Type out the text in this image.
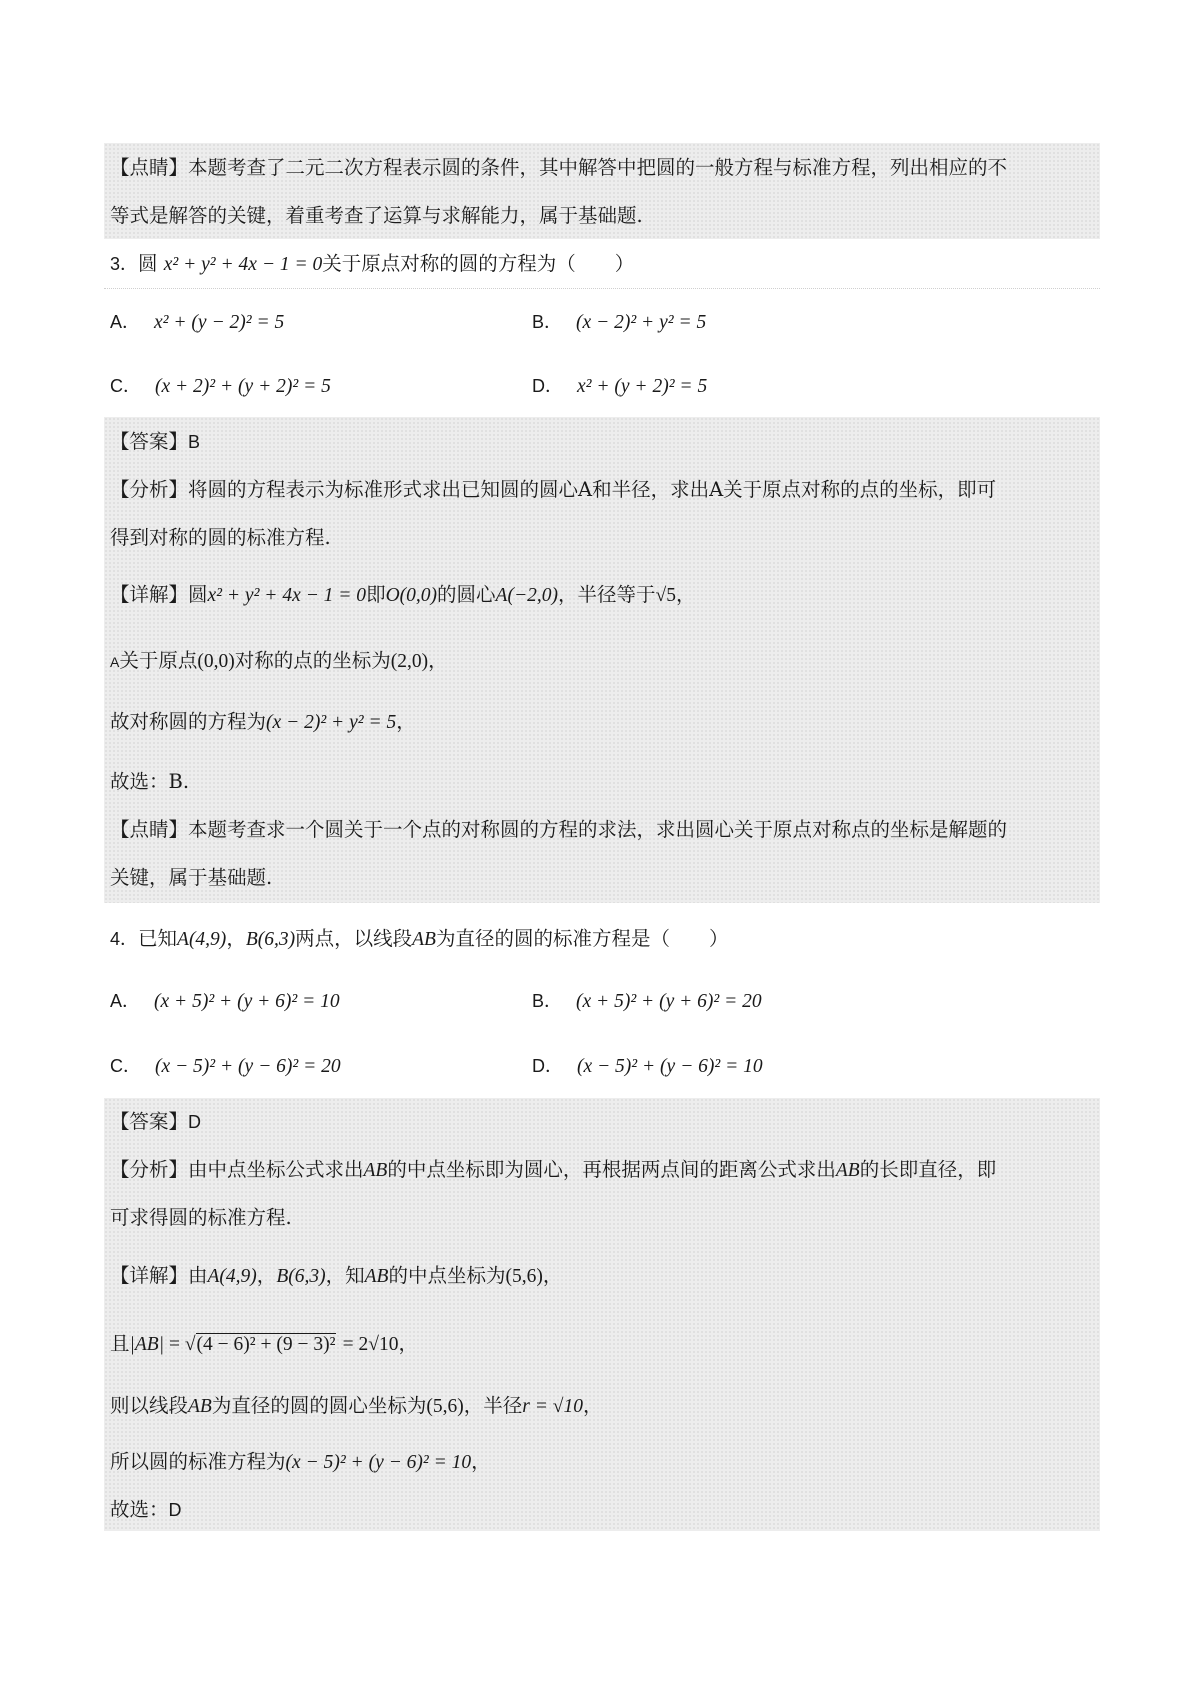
【点睛】本题考查了二元二次方程表示圆的条件，其中解答中把圆的一般方程与标准方程，列出相应的不
等式是解答的关键，着重考查了运算与求解能力，属于基础题.
3．圆 x² + y² + 4x − 1 = 0关于原点对称的圆的方程为（　　）
A． x² + (y − 2)² = 5	B． (x − 2)² + y² = 5
C． (x + 2)² + (y + 2)² = 5	D． x² + (y + 2)² = 5
【答案】B
【分析】将圆的方程表示为标准形式求出已知圆的圆心A和半径，求出A关于原点对称的点的坐标，即可
得到对称的圆的标准方程.
【详解】圆x² + y² + 4x − 1 = 0即O(0,0)的圆心A(−2,0)，半径等于√5，
A关于原点(0,0)对称的点的坐标为(2,0)，
故对称圆的方程为(x − 2)² + y² = 5，
故选：B.
【点睛】本题考查求一个圆关于一个点的对称圆的方程的求法，求出圆心关于原点对称点的坐标是解题的
关键，属于基础题.
4．已知A(4,9)，B(6,3)两点，以线段AB为直径的圆的标准方程是（　　）
A． (x + 5)² + (y + 6)² = 10	B． (x + 5)² + (y + 6)² = 20
C． (x − 5)² + (y − 6)² = 20	D． (x − 5)² + (y − 6)² = 10
【答案】D
【分析】由中点坐标公式求出AB的中点坐标即为圆心，再根据两点间的距离公式求出AB的长即直径，即
可求得圆的标准方程.
【详解】由A(4,9)，B(6,3)，知AB的中点坐标为(5,6)，
且|AB| = √(4 − 6)² + (9 − 3)² = 2√10，
则以线段AB为直径的圆的圆心坐标为(5,6)，半径r = √10，
所以圆的标准方程为(x − 5)² + (y − 6)² = 10，
故选：D
